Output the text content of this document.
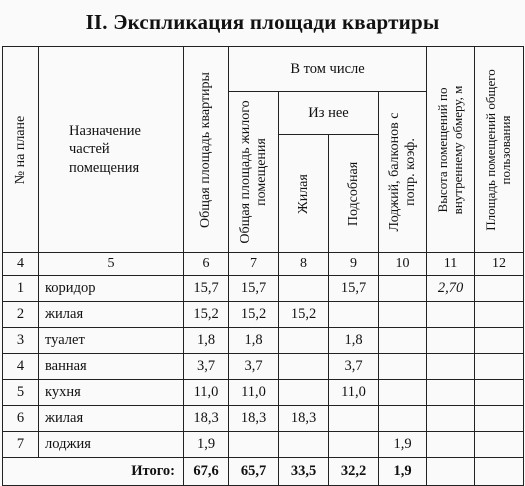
II. Экспликация площади квартиры
№ на плане	Назначение частей помещения	Общая площадь квартиры	В том числе				Высота помещений по внутреннему обмеру, м	Площадь помещений общего пользования

			Общая площадь жилого помещения	Из нее		Лоджий, балконов с попр. коэф.		

				Жилая	Подсобная			

4	5	6	7	8	9	10	11	12
1	коридор	15,7	15,7		15,7		2,70	
2	жилая	15,2	15,2	15,2				
3	туалет	1,8	1,8		1,8			
4	ванная	3,7	3,7		3,7			
5	кухня	11,0	11,0		11,0			
6	жилая	18,3	18,3	18,3				
7	лоджия	1,9				1,9		
Итого:		67,6	65,7	33,5	32,2	1,9		
